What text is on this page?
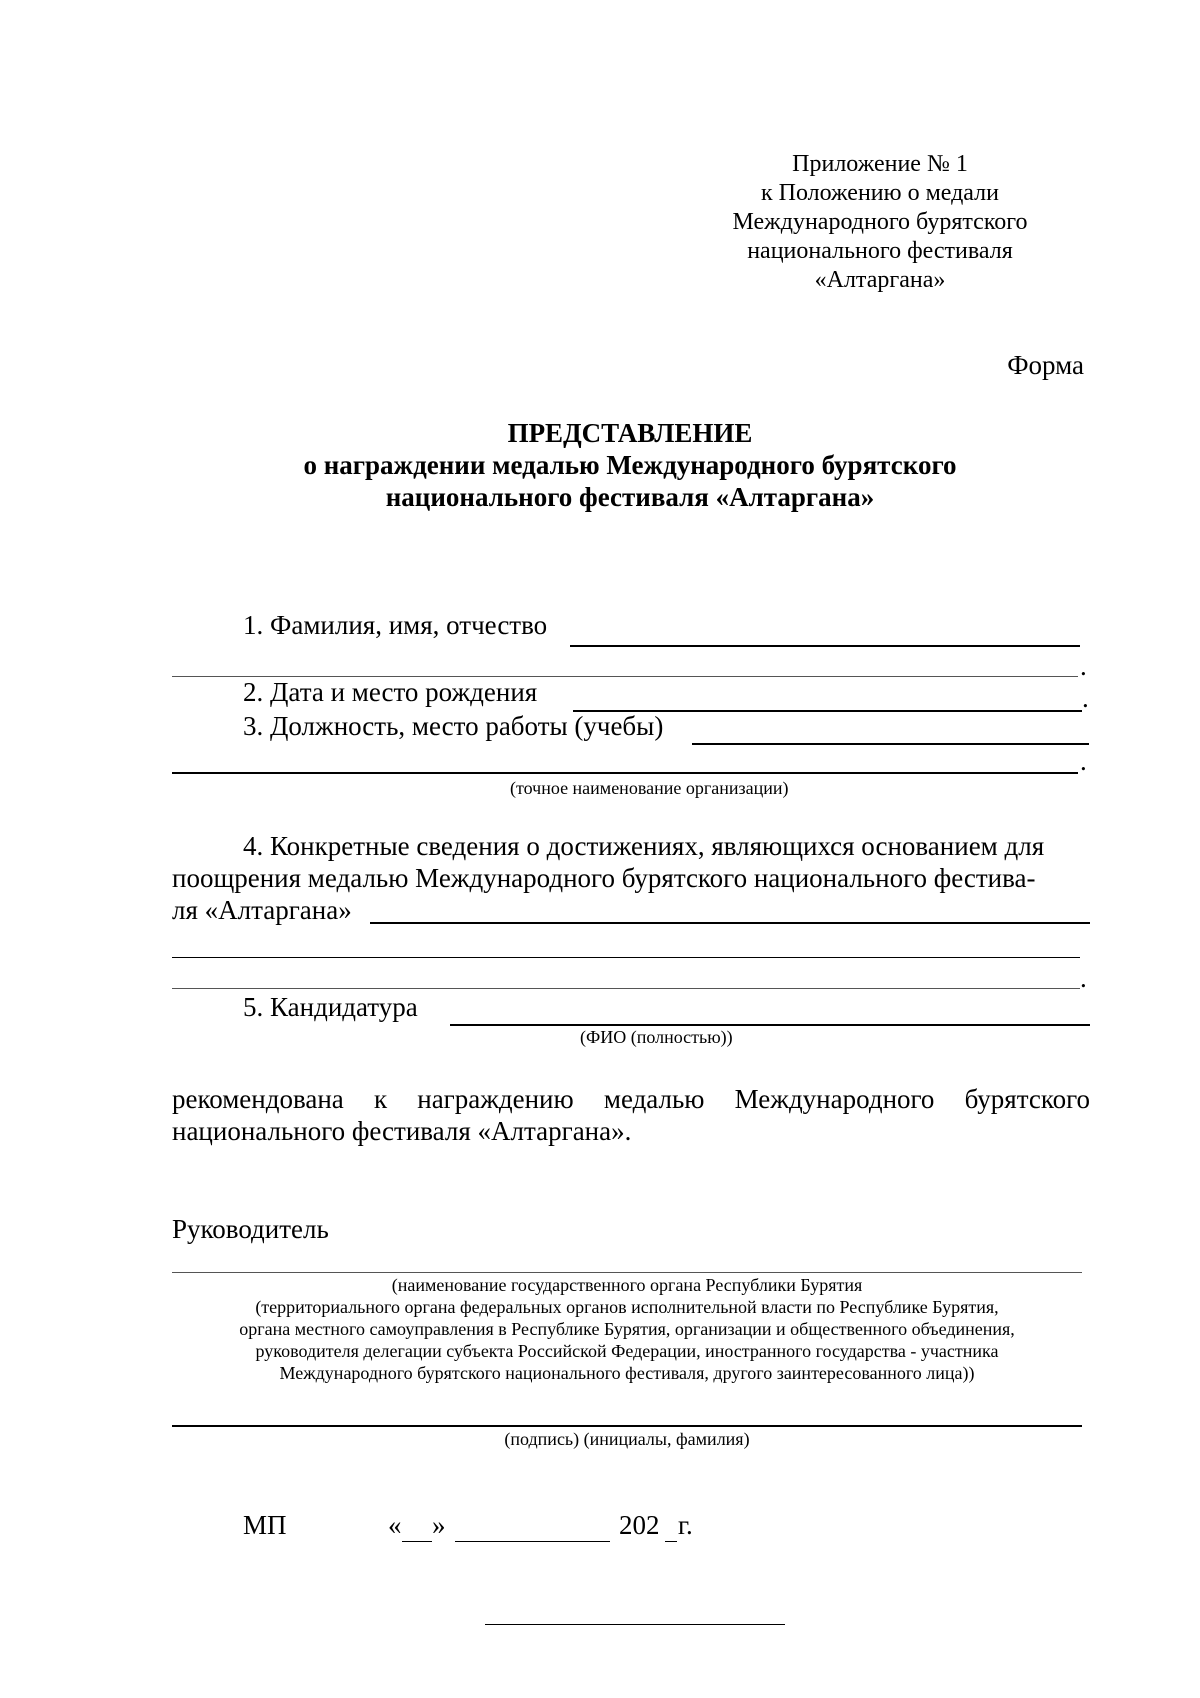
Приложение № 1
к Положению о медали
Международного бурятского
национального фестиваля
«Алтаргана»
Форма
ПРЕДСТАВЛЕНИЕ
о награждении медалью Международного бурятского
национального фестиваля «Алтаргана»
1. Фамилия, имя, отчество
.
2. Дата и место рождения	.
3. Должность, место работы (учебы)
.
(точное наименование организации)
4. Конкретные сведения о достижениях, являющихся основанием для
поощрения медалью Международного бурятского национального фестива-
ля «Алтаргана»
.
5. Кандидатура
(ФИО (полностью))
рекомендована к награждению медалью Международного бурятского
национального фестиваля «Алтаргана».
Руководитель
(наименование государственного органа Республики Бурятия
(территориального органа федеральных органов исполнительной власти по Республике Бурятия,
органа местного самоуправления в Республике Бурятия, организации и общественного объединения,
руководителя делегации субъекта Российской Федерации, иностранного государства - участника
Международного бурятского национального фестиваля, другого заинтересованного лица))
(подпись) (инициалы, фамилия)
МП	« »	202 г.
